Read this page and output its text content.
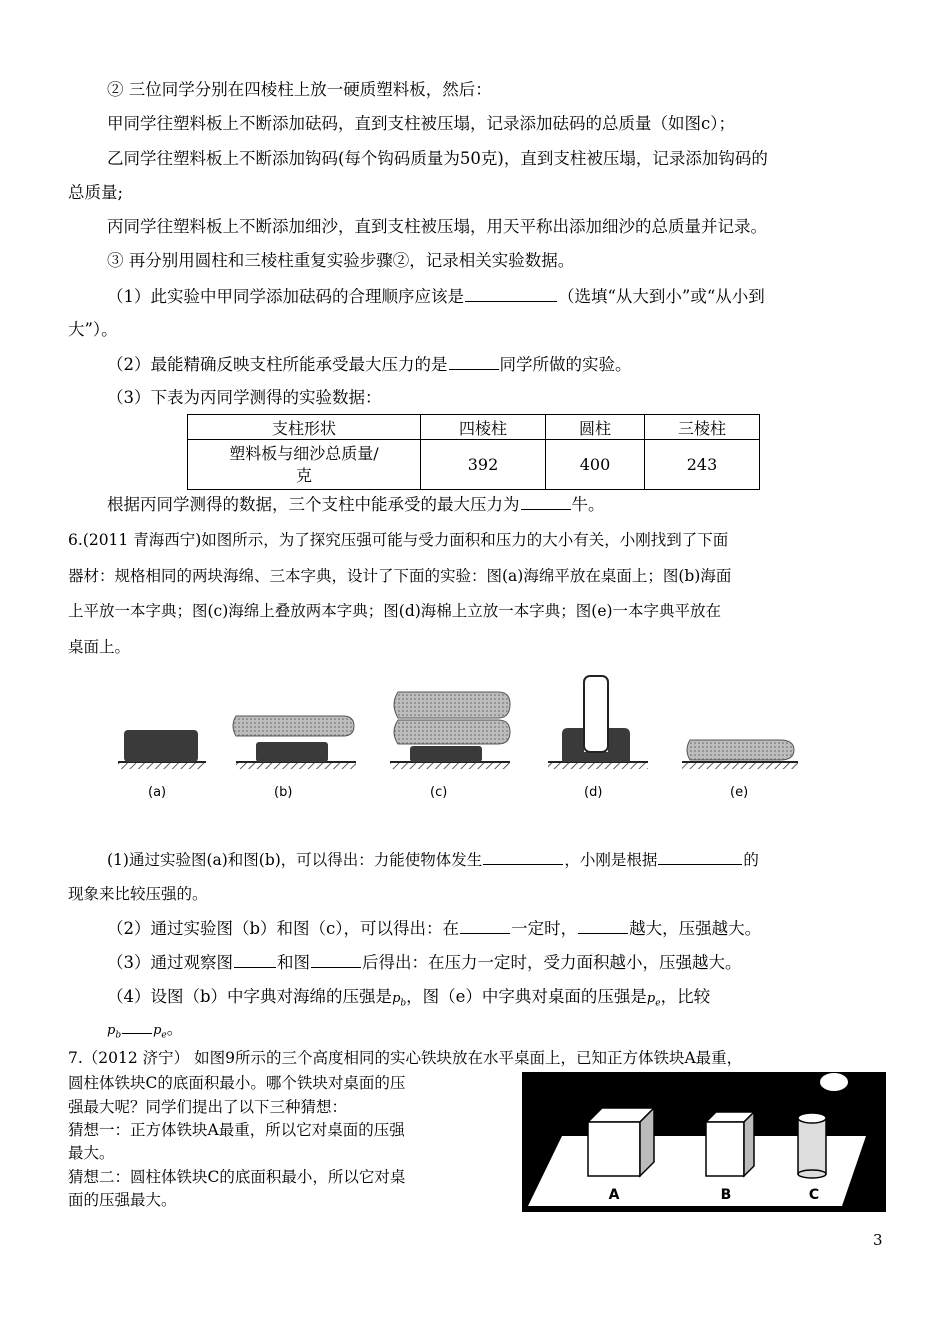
② 三位同学分别在四棱柱上放一硬质塑料板，然后：
甲同学往塑料板上不断添加砝码，直到支柱被压塌，记录添加砝码的总质量（如图c）；
乙同学往塑料板上不断添加钩码(每个钩码质量为50克)，直到支柱被压塌，记录添加钩码的
总质量;
丙同学往塑料板上不断添加细沙，直到支柱被压塌，用天平称出添加细沙的总质量并记录。
③ 再分别用圆柱和三棱柱重复实验步骤②，记录相关实验数据。
（1）此实验中甲同学添加砝码的合理顺序应该是	（选填“从大到小”或“从小到
大”）。
（2）最能精确反映支柱所能承受最大压力的是	同学所做的实验。
（3）下表为丙同学测得的实验数据：
支柱形状	四棱柱	圆柱	三棱柱

塑料板与细沙总质量/
克	392	400	243
根据丙同学测得的数据，三个支柱中能承受的最大压力为	牛。
6.(2011 青海西宁)如图所示，为了探究压强可能与受力面积和压力的大小有关，小刚找到了下面
器材：规格相同的两块海绵、三本字典，设计了下面的实验：图(a)海绵平放在桌面上；图(b)海面
上平放一本字典；图(c)海绵上叠放两本字典；图(d)海棉上立放一本字典；图(e)一本字典平放在
桌面上。
(a)	(b)	(c)	(d)	(e)
(1)通过实验图(a)和图(b)，可以得出：力能使物体发生	，小刚是根据	的
现象来比较压强的。
（2）通过实验图（b）和图（c），可以得出：在	一定时，	越大，压强越大。
（3）通过观察图	和图	后得出：在压力一定时，受力面积越小，压强越大。
（4）设图（b）中字典对海绵的压强是$p_b$，图（e）中字典对桌面的压强是$p_e$，比较
$p_b$ $p_e$。
7.（2012 济宁） 如图9所示的三个高度相同的实心铁块放在水平桌面上，已知正方体铁块A最重，
圆柱体铁块C的底面积最小。哪个铁块对桌面的压
强最大呢？同学们提出了以下三种猜想：
猜想一：正方体铁块A最重，所以它对桌面的压强
最大。
猜想二：圆柱体铁块C的底面积最小，所以它对桌
面的压强最大。	A	B	C
3
